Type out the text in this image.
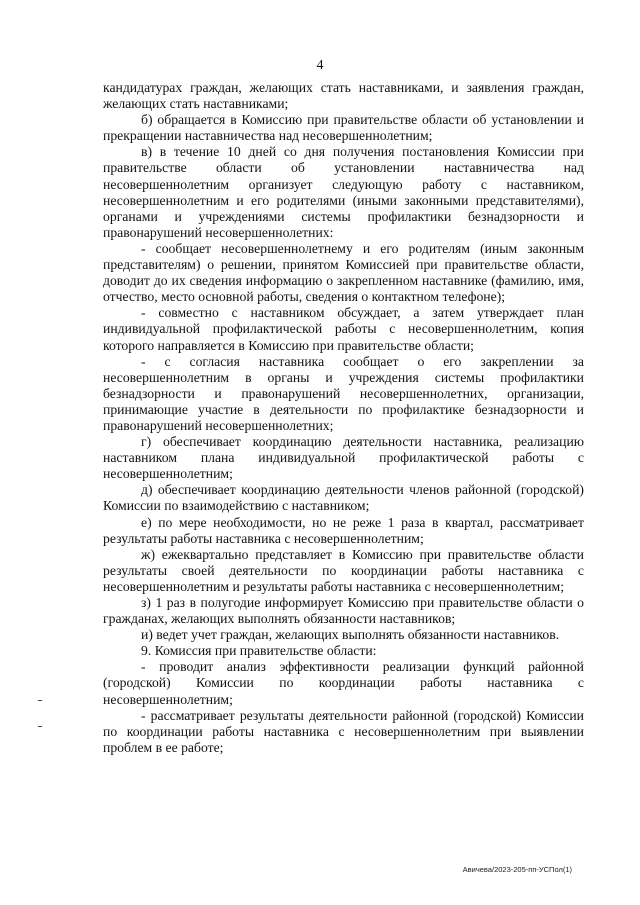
4

кандидатурах граждан, желающих стать наставниками, и заявления граждан, желающих стать наставниками;

б) обращается в Комиссию при правительстве области об установлении и прекращении наставничества над несовершеннолетним;

в) в течение 10 дней со дня получения постановления Комиссии при правительстве области об установлении наставничества над несовершеннолетним организует следующую работу с наставником, несовершеннолетним и его родителями (иными законными представителями), органами и учреждениями системы профилактики безнадзорности и правонарушений несовершеннолетних:

- сообщает несовершеннолетнему и его родителям (иным законным представителям) о решении, принятом Комиссией при правительстве области, доводит до их сведения информацию о закрепленном наставнике (фамилию, имя, отчество, место основной работы, сведения о контактном телефоне);

- совместно с наставником обсуждает, а затем утверждает план индивидуальной профилактической работы с несовершеннолетним, копия которого направляется в Комиссию при правительстве области;

- с согласия наставника сообщает о его закреплении за несовершеннолетним в органы и учреждения системы профилактики безнадзорности и правонарушений несовершеннолетних, организации, принимающие участие в деятельности по профилактике безнадзорности и правонарушений несовершеннолетних;

г) обеспечивает координацию деятельности наставника, реализацию наставником плана индивидуальной профилактической работы с несовершеннолетним;

д) обеспечивает координацию деятельности членов районной (городской) Комиссии по взаимодействию с наставником;

е) по мере необходимости, но не реже 1 раза в квартал, рассматривает результаты работы наставника с несовершеннолетним;

ж) ежеквартально представляет в Комиссию при правительстве области результаты своей деятельности по координации работы наставника с несовершеннолетним и результаты работы наставника с несовершеннолетним;

з) 1 раз в полугодие информирует Комиссию при правительстве области о гражданах, желающих выполнять обязанности наставников;

и) ведет учет граждан, желающих выполнять обязанности наставников.

9. Комиссия при правительстве области:

- проводит анализ эффективности реализации функций районной (городской) Комиссии по координации работы наставника с несовершеннолетним;

- рассматривает результаты деятельности районной (городской) Комиссии по координации работы наставника с несовершеннолетним при выявлении проблем в ее работе;

Авичева/2023-205-пп-УСПол(1)
